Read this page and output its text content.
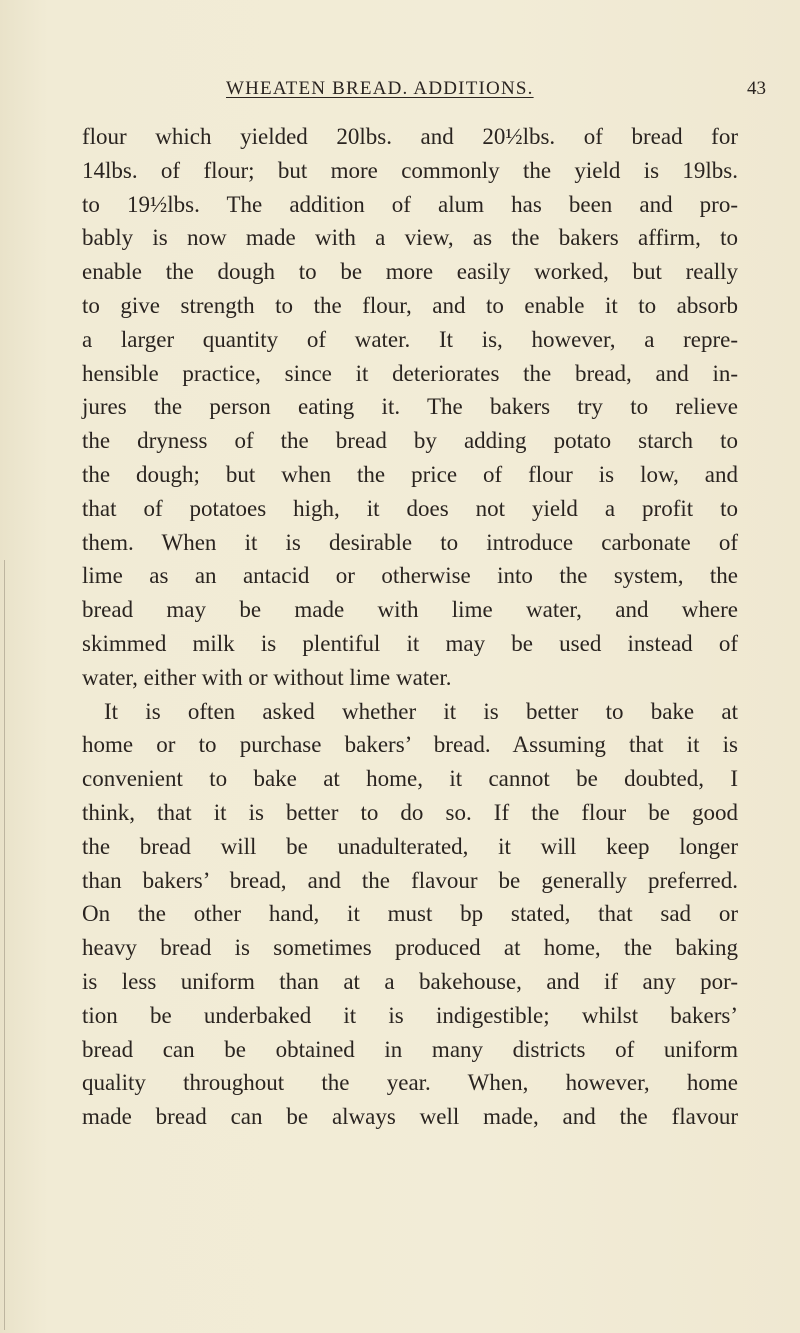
WHEATEN BREAD. ADDITIONS.	43
flour which yielded 20lbs. and 20½lbs. of bread for
14lbs. of flour; but more commonly the yield is 19lbs.
to 19½lbs. The addition of alum has been and pro-
bably is now made with a view, as the bakers affirm, to
enable the dough to be more easily worked, but really
to give strength to the flour, and to enable it to absorb
a larger quantity of water. It is, however, a repre-
hensible practice, since it deteriorates the bread, and in-
jures the person eating it. The bakers try to relieve
the dryness of the bread by adding potato starch to
the dough; but when the price of flour is low, and
that of potatoes high, it does not yield a profit to
them. When it is desirable to introduce carbonate of
lime as an antacid or otherwise into the system, the
bread may be made with lime water, and where
skimmed milk is plentiful it may be used instead of
water, either with or without lime water.
It is often asked whether it is better to bake at
home or to purchase bakers’ bread. Assuming that it is
convenient to bake at home, it cannot be doubted, I
think, that it is better to do so. If the flour be good
the bread will be unadulterated, it will keep longer
than bakers’ bread, and the flavour be generally preferred.
On the other hand, it must bp stated, that sad or
heavy bread is sometimes produced at home, the baking
is less uniform than at a bakehouse, and if any por-
tion be underbaked it is indigestible; whilst bakers’
bread can be obtained in many districts of uniform
quality throughout the year. When, however, home
made bread can be always well made, and the flavour
